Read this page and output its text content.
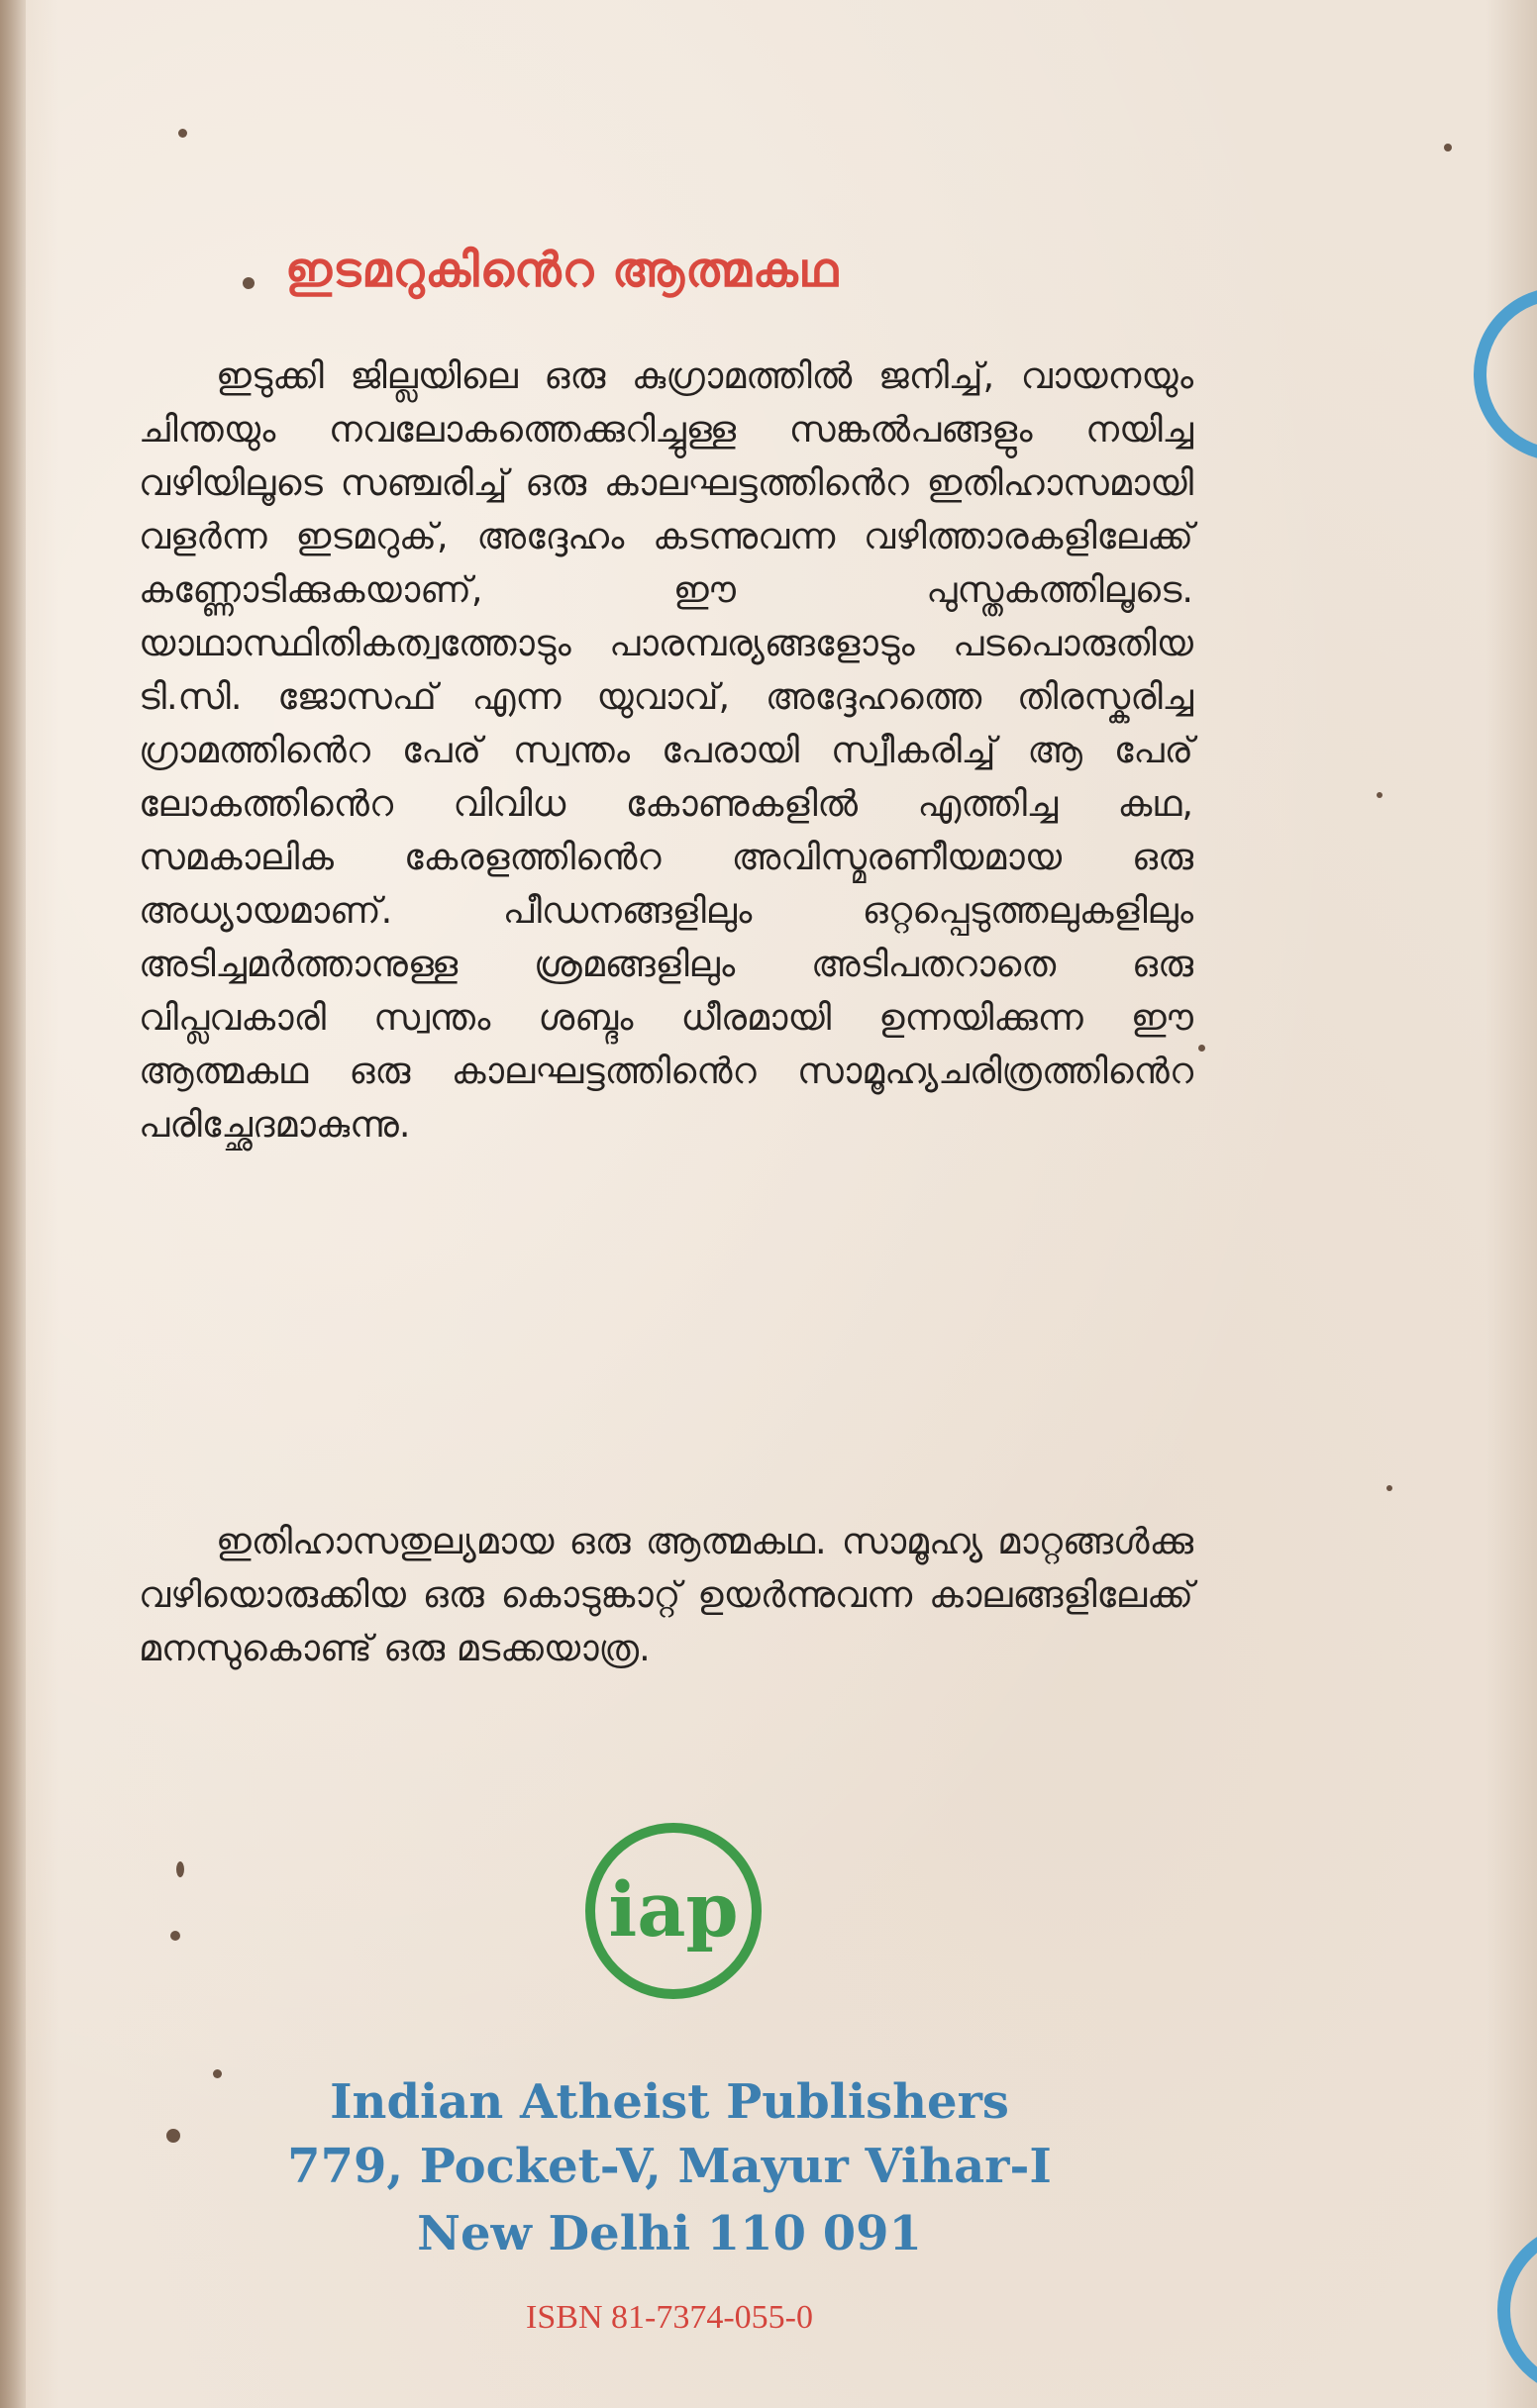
ഇടമറുകിൻെറ ആത്മകഥ
ഇടുക്കി ജില്ലയിലെ ഒരു കുഗ്രാമത്തിൽ ജനിച്ച്, വായനയും ചിന്തയും നവലോകത്തെക്കുറിച്ചുള്ള സങ്കൽപങ്ങളും നയിച്ച വഴിയിലൂടെ സഞ്ചരിച്ച് ഒരു കാലഘട്ടത്തിൻെറ ഇതിഹാസമായി വളർന്ന ഇടമറുക്, അദ്ദേഹം കടന്നുവന്ന വഴിത്താരകളിലേക്ക് കണ്ണോടിക്കുകയാണ്, ഈ പുസ്തകത്തിലൂടെ. യാഥാസ്ഥിതികത്വത്തോടും പാരമ്പര്യങ്ങളോടും പടപൊരുതിയ ടി.സി. ജോസഫ് എന്ന യുവാവ്, അദ്ദേഹത്തെ തിരസ്കരിച്ച ഗ്രാമത്തിൻെറ പേര് സ്വന്തം പേരായി സ്വീകരിച്ച് ആ പേര് ലോകത്തിൻെറ വിവിധ കോണുകളിൽ എത്തിച്ച കഥ, സമകാലിക കേരളത്തിൻെറ അവിസ്മരണീയമായ ഒരു അധ്യായമാണ്. പീഡനങ്ങളിലും ഒറ്റപ്പെടുത്തലുകളിലും അടിച്ചമർത്താനുള്ള ശ്രമങ്ങളിലും അടിപതറാതെ ഒരു വിപ്ലവകാരി സ്വന്തം ശബ്ദം ധീരമായി ഉന്നയിക്കുന്ന ഈ ആത്മകഥ ഒരു കാലഘട്ടത്തിൻെറ സാമൂഹ്യചരിത്രത്തിൻെറ പരിച്ഛേദമാകുന്നു.
ഇതിഹാസതുല്യമായ ഒരു ആത്മകഥ. സാമൂഹ്യ മാറ്റങ്ങൾക്കു വഴിയൊരുക്കിയ ഒരു കൊടുങ്കാറ്റ് ഉയർന്നുവന്ന കാലങ്ങളിലേക്ക് മനസുകൊണ്ട് ഒരു മടക്കയാത്ര.
iap
Indian Atheist Publishers
779, Pocket-V, Mayur Vihar-I
New Delhi 110 091
ISBN 81-7374-055-0
